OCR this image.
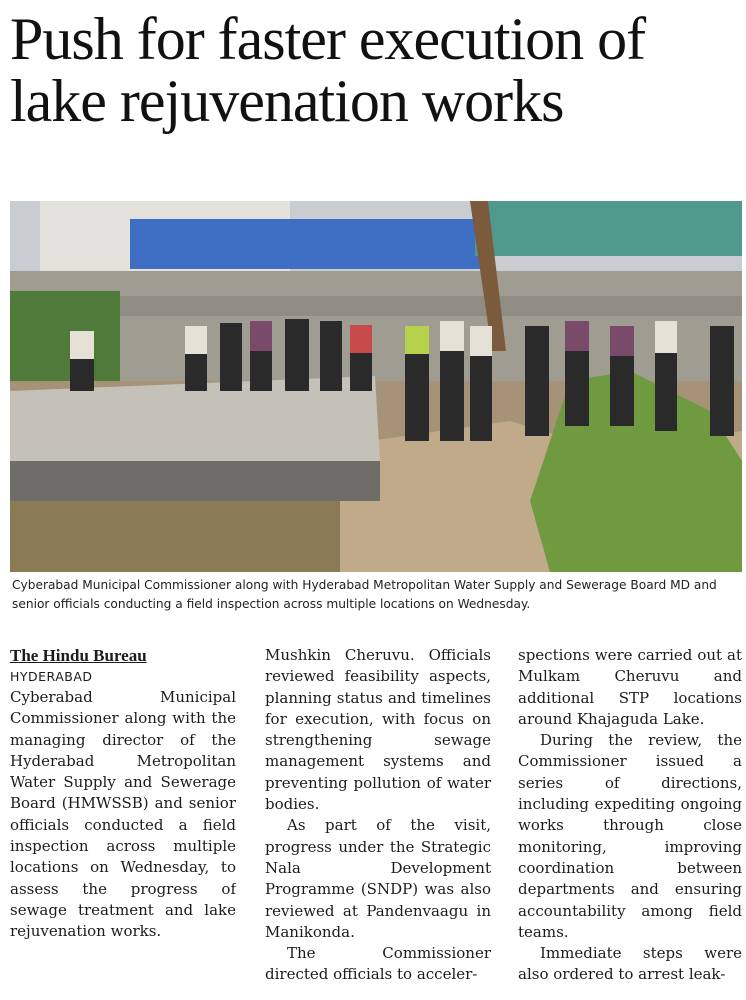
Push for faster execution of lake rejuvenation works

Cyberabad Municipal Commissioner along with Hyderabad Metropolitan Water Supply and Sewerage Board MD and senior officials conducting a field inspection across multiple locations on Wednesday.

The Hindu Bureau

HYDERABAD

Cyberabad Municipal Commissioner along with the managing director of the Hyderabad Metropolitan Water Supply and Sewerage Board (HMWSSB) and senior officials conducted a field inspection across multiple locations on Wednesday, to assess the progress of sewage treatment and lake rejuvenation works.

Mushkin Cheruvu. Officials reviewed feasibility aspects, planning status and timelines for execution, with focus on strengthening sewage management systems and preventing pollution of water bodies.

As part of the visit, progress under the Strategic Nala Development Programme (SNDP) was also reviewed at Pandenvaagu in Manikonda.

The Commissioner directed officials to acceler-

spections were carried out at Mulkam Cheruvu and additional STP locations around Khajaguda Lake.

During the review, the Commissioner issued a series of directions, including expediting ongoing works through close monitoring, improving coordination between departments and ensuring accountability among field teams.

Immediate steps were also ordered to arrest leak-
